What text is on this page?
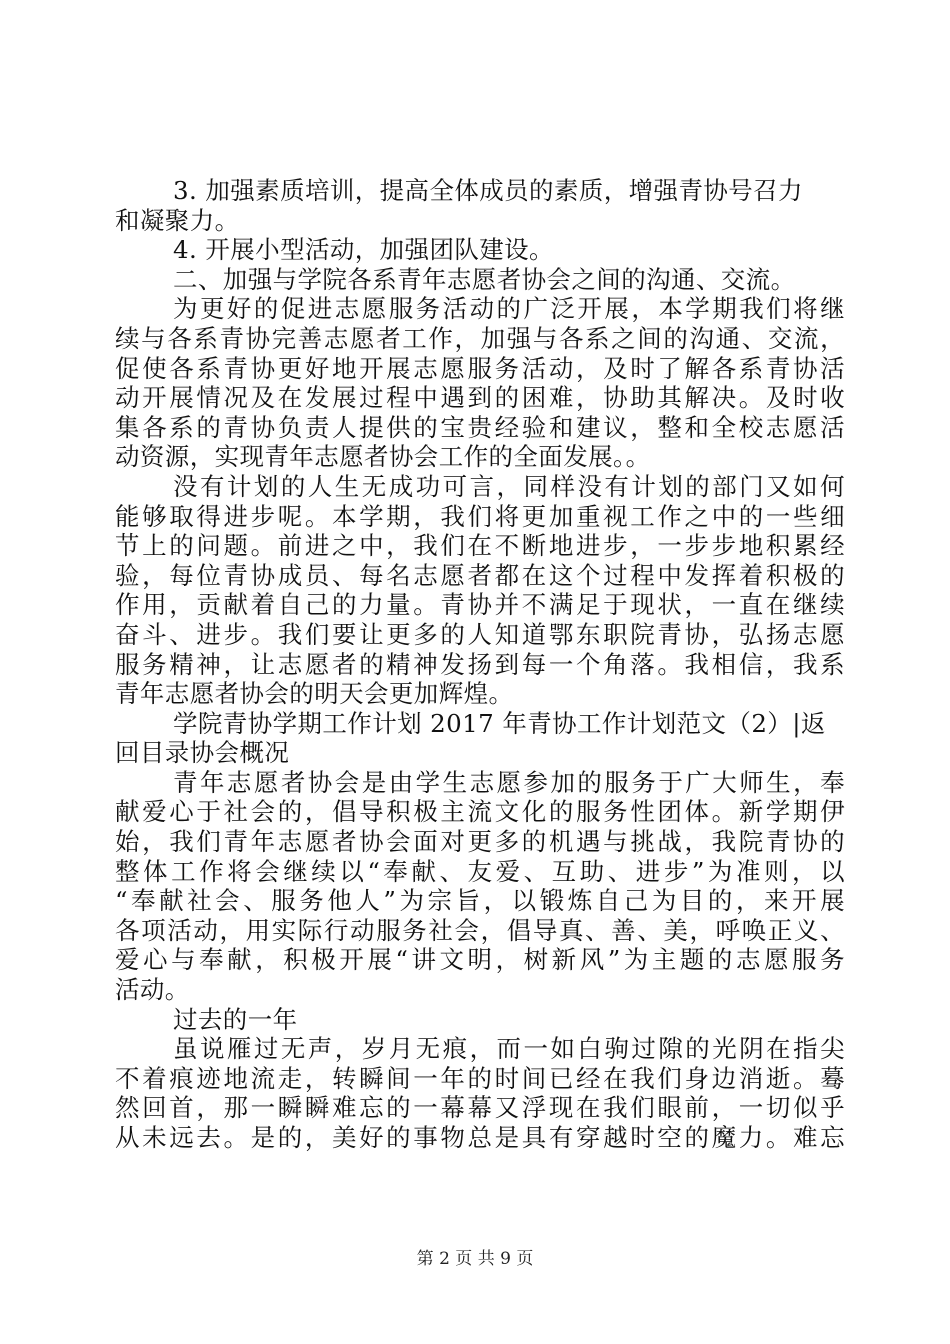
3. 加强素质培训，提高全体成员的素质，增强青协号召力
和凝聚力。
4. 开展小型活动，加强团队建设。
二、加强与学院各系青年志愿者协会之间的沟通、交流。
为更好的促进志愿服务活动的广泛开展，本学期我们将继
续与各系青协完善志愿者工作，加强与各系之间的沟通、交流，
促使各系青协更好地开展志愿服务活动，及时了解各系青协活
动开展情况及在发展过程中遇到的困难，协助其解决。及时收
集各系的青协负责人提供的宝贵经验和建议，整和全校志愿活
动资源，实现青年志愿者协会工作的全面发展。。
没有计划的人生无成功可言，同样没有计划的部门又如何
能够取得进步呢。本学期，我们将更加重视工作之中的一些细
节上的问题。前进之中，我们在不断地进步，一步步地积累经
验，每位青协成员、每名志愿者都在这个过程中发挥着积极的
作用，贡献着自己的力量。青协并不满足于现状，一直在继续
奋斗、进步。我们要让更多的人知道鄂东职院青协，弘扬志愿
服务精神，让志愿者的精神发扬到每一个角落。我相信，我系
青年志愿者协会的明天会更加辉煌。
学院青协学期工作计划 2017 年青协工作计划范文（2）|返
回目录协会概况
青年志愿者协会是由学生志愿参加的服务于广大师生，奉
献爱心于社会的，倡导积极主流文化的服务性团体。新学期伊
始，我们青年志愿者协会面对更多的机遇与挑战，我院青协的
整体工作将会继续以“奉献、友爱、互助、进步”为准则，以
“奉献社会、服务他人”为宗旨，以锻炼自己为目的，来开展
各项活动，用实际行动服务社会，倡导真、善、美，呼唤正义、
爱心与奉献，积极开展“讲文明，树新风”为主题的志愿服务
活动。
过去的一年
虽说雁过无声，岁月无痕，而一如白驹过隙的光阴在指尖
不着痕迹地流走，转瞬间一年的时间已经在我们身边消逝。蓦
然回首，那一瞬瞬难忘的一幕幕又浮现在我们眼前，一切似乎
从未远去。是的，美好的事物总是具有穿越时空的魔力。难忘
第 2 页 共 9 页
